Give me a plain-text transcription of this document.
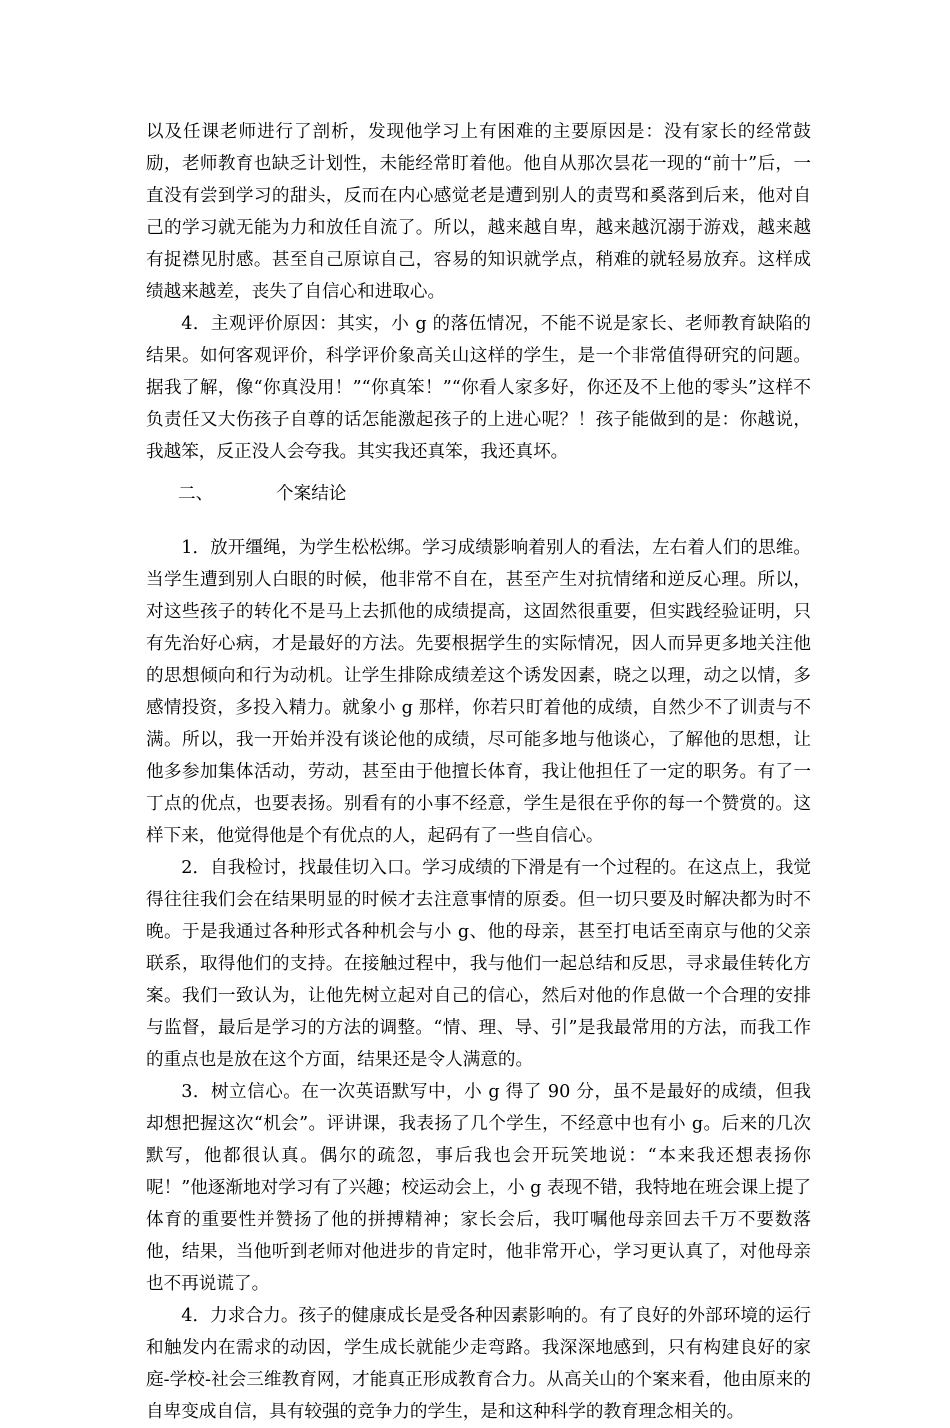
以及任课老师进行了剖析，发现他学习上有困难的主要原因是：没有家长的经常鼓励，老师教育也缺乏计划性，未能经常盯着他。他自从那次昙花一现的“前十”后，一直没有尝到学习的甜头，反而在内心感觉老是遭到别人的责骂和奚落到后来，他对自己的学习就无能为力和放任自流了。所以，越来越自卑，越来越沉溺于游戏，越来越有捉襟见肘感。甚至自己原谅自己，容易的知识就学点，稍难的就轻易放弃。这样成绩越来越差，丧失了自信心和进取心。

4．主观评价原因：其实，小 g 的落伍情况，不能不说是家长、老师教育缺陷的结果。如何客观评价，科学评价象高关山这样的学生，是一个非常值得研究的问题。据我了解，像“你真没用！”“你真笨！”“你看人家多好，你还及不上他的零头”这样不负责任又大伤孩子自尊的话怎能激起孩子的上进心呢？！孩子能做到的是：你越说，我越笨，反正没人会夸我。其实我还真笨，我还真坏。

二、	个案结论

1．放开缰绳，为学生松松绑。学习成绩影响着别人的看法，左右着人们的思维。当学生遭到别人白眼的时候，他非常不自在，甚至产生对抗情绪和逆反心理。所以，对这些孩子的转化不是马上去抓他的成绩提高，这固然很重要，但实践经验证明，只有先治好心病，才是最好的方法。先要根据学生的实际情况，因人而异更多地关注他的思想倾向和行为动机。让学生排除成绩差这个诱发因素，晓之以理，动之以情，多感情投资，多投入精力。就象小 g 那样，你若只盯着他的成绩，自然少不了训责与不满。所以，我一开始并没有谈论他的成绩，尽可能多地与他谈心，了解他的思想，让他多参加集体活动，劳动，甚至由于他擅长体育，我让他担任了一定的职务。有了一丁点的优点，也要表扬。别看有的小事不经意，学生是很在乎你的每一个赞赏的。这样下来，他觉得他是个有优点的人，起码有了一些自信心。

2．自我检讨，找最佳切入口。学习成绩的下滑是有一个过程的。在这点上，我觉得往往我们会在结果明显的时候才去注意事情的原委。但一切只要及时解决都为时不晚。于是我通过各种形式各种机会与小 g、他的母亲，甚至打电话至南京与他的父亲联系，取得他们的支持。在接触过程中，我与他们一起总结和反思，寻求最佳转化方案。我们一致认为，让他先树立起对自己的信心，然后对他的作息做一个合理的安排与监督，最后是学习的方法的调整。“情、理、导、引”是我最常用的方法，而我工作的重点也是放在这个方面，结果还是令人满意的。

3．树立信心。在一次英语默写中，小 g 得了 90 分，虽不是最好的成绩，但我却想把握这次“机会”。评讲课，我表扬了几个学生，不经意中也有小 g。后来的几次默写，他都很认真。偶尔的疏忽，事后我也会开玩笑地说：“本来我还想表扬你呢！”他逐渐地对学习有了兴趣；校运动会上，小 g 表现不错，我特地在班会课上提了体育的重要性并赞扬了他的拼搏精神；家长会后，我叮嘱他母亲回去千万不要数落他，结果，当他听到老师对他进步的肯定时，他非常开心，学习更认真了，对他母亲也不再说谎了。

4．力求合力。孩子的健康成长是受各种因素影响的。有了良好的外部环境的运行和触发内在需求的动因，学生成长就能少走弯路。我深深地感到，只有构建良好的家庭-学校-社会三维教育网，才能真正形成教育合力。从高关山的个案来看，他由原来的自卑变成自信，具有较强的竞争力的学生，是和这种科学的教育理念相关的。
